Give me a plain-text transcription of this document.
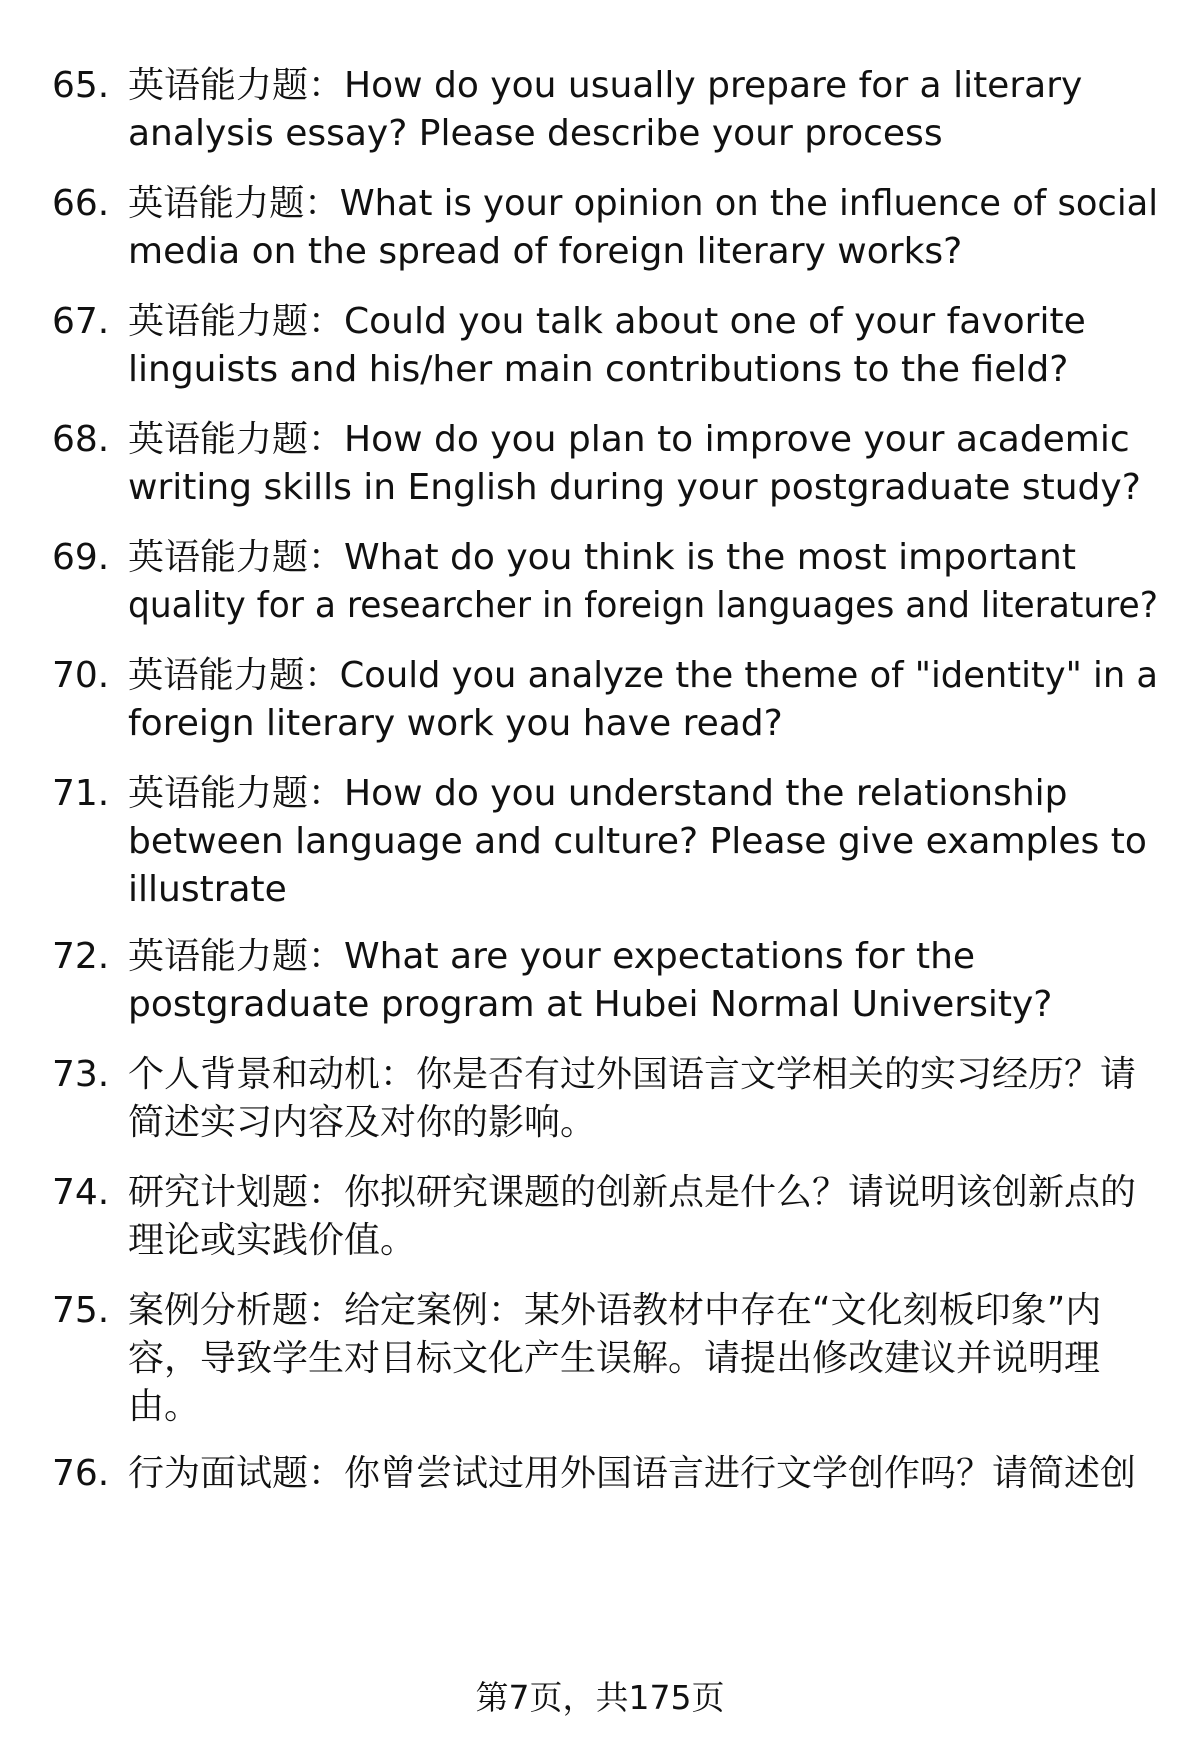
65. 英语能力题：How do you usually prepare for a literary
analysis essay? Please describe your process
66. 英语能力题：What is your opinion on the influence of social
media on the spread of foreign literary works?
67. 英语能力题：Could you talk about one of your favorite
linguists and his/her main contributions to the field?
68. 英语能力题：How do you plan to improve your academic
writing skills in English during your postgraduate study?
69. 英语能力题：What do you think is the most important
quality for a researcher in foreign languages and literature?
70. 英语能力题：Could you analyze the theme of "identity" in a
foreign literary work you have read?
71. 英语能力题：How do you understand the relationship
between language and culture? Please give examples to
illustrate
72. 英语能力题：What are your expectations for the
postgraduate program at Hubei Normal University?
73. 个人背景和动机：你是否有过外国语言文学相关的实习经历？请
简述实习内容及对你的影响。
74. 研究计划题：你拟研究课题的创新点是什么？请说明该创新点的
理论或实践价值。
75. 案例分析题：给定案例：某外语教材中存在“文化刻板印象”内
容，导致学生对目标文化产生误解。请提出修改建议并说明理
由。
76. 行为面试题：你曾尝试过用外国语言进行文学创作吗？请简述创
第7页，共175页
